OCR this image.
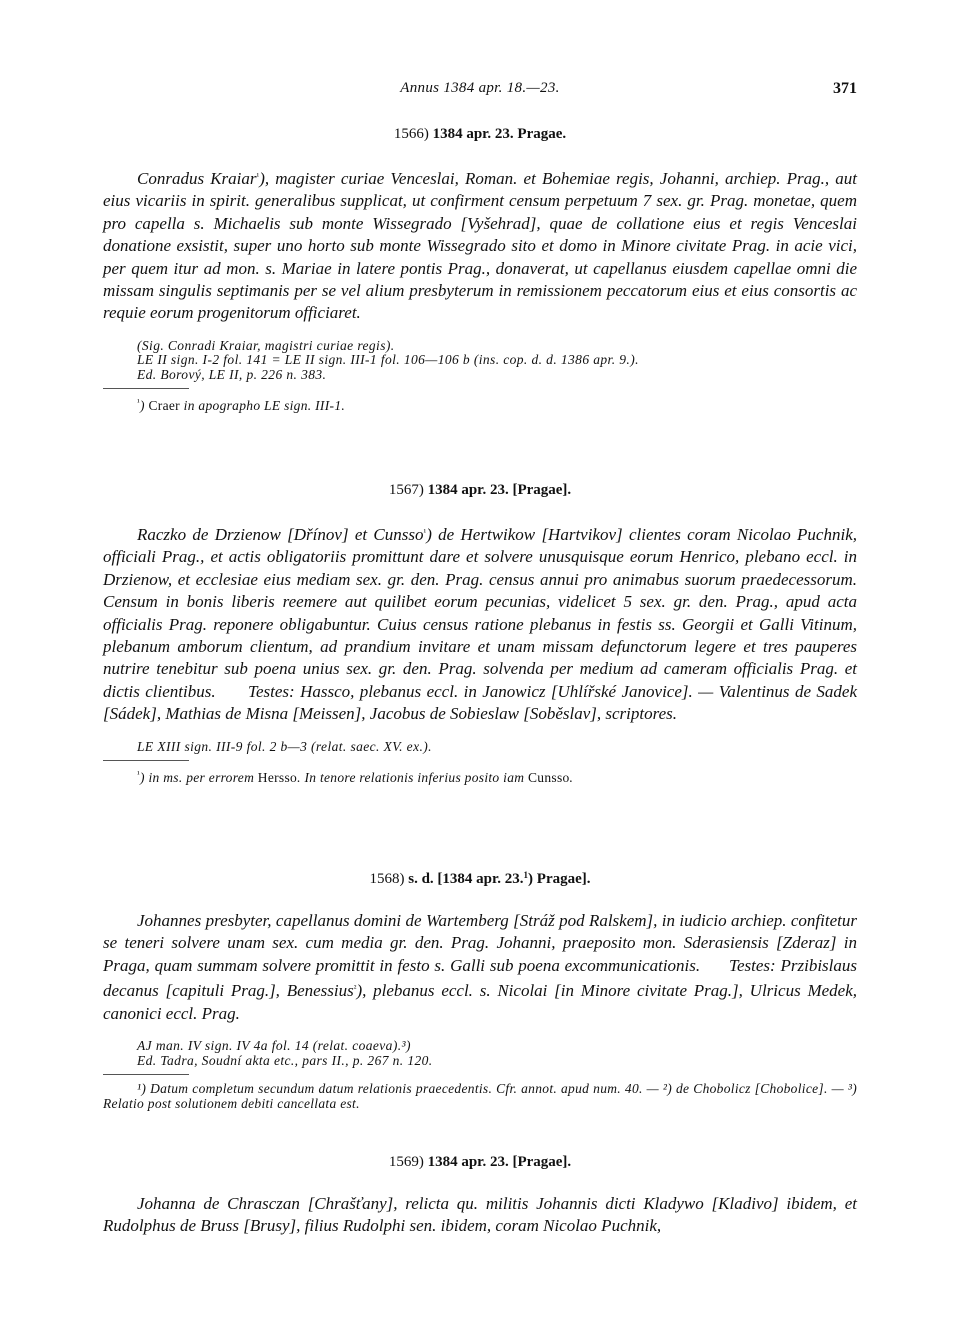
Annus 1384 apr. 18.—23.	371
1566) 1384 apr. 23. Pragae.

Conradus Kraiar$^{^1}$), magister curiae Venceslai, Roman. et Bohemiae regis, Johanni, archiep. Prag., aut eius vicariis in spirit. generalibus supplicat, ut confirment censum perpetuum 7 sex. gr. Prag. monetae, quem pro capella s. Michaelis sub monte Wissegrado [Vyšehrad], quae de collatione eius et regis Venceslai donatione exsistit, super uno horto sub monte Wissegrado sito et domo in Minore civitate Prag. in acie vici, per quem itur ad mon. s. Mariae in latere pontis Prag., donaverat, ut capellanus eiusdem capellae omni die missam singulis septimanis per se vel alium presbyterum in remissionem peccatorum eius et eius consortis ac requie eorum progenitorum officiaret.

(Sig. Conradi Kraiar, magistri curiae regis).
LE II sign. I-2 fol. 141 = LE II sign. III-1 fol. 106—106 b (ins. cop. d. d. 1386 apr. 9.).
Ed. Borový, LE II, p. 226 n. 383.

$^{^1}$) Craer in apographo LE sign. III-1.

1567) 1384 apr. 23. [Pragae].

Raczko de Drzienow [Dřínov] et Cunsso$^{^1}$) de Hertwikow [Hartvikov] clientes coram Nicolao Puchnik, officiali Prag., et actis obligatoriis promittunt dare et solvere unusquisque eorum Henrico, plebano eccl. in Drzienow, et ecclesiae eius mediam sex. gr. den. Prag. census annui pro animabus suorum praedecessorum. Censum in bonis liberis reemere aut quilibet eorum pecunias, videlicet 5 sex. gr. den. Prag., apud acta officialis Prag. reponere obligabuntur. Cuius census ratione plebanus in festis ss. Georgii et Galli Vitinum, plebanum amborum clientum, ad prandium invitare et unam missam defunctorum legere et tres pauperes nutrire tenebitur sub poena unius sex. gr. den. Prag. solvenda per medium ad cameram officialis Prag. et dictis clientibus.      Testes: Hassco, plebanus eccl. in Janowicz [Uhlířské Janovice]. — Valentinus de Sadek [Sádek], Mathias de Misna [Meissen], Jacobus de Sobieslaw [Soběslav], scriptores.

LE XIII sign. III-9 fol. 2 b—3 (relat. saec. XV. ex.).

$^{^1}$) in ms. per errorem Hersso. In tenore relationis inferius posito iam Cunsso.

1568) s. d. [1384 apr. 23.$^1$) Pragae].

Johannes presbyter, capellanus domini de Wartemberg [Stráž pod Ralskem], in iudicio archiep. confitetur se teneri solvere unam sex. cum media gr. den. Prag. Johanni, praeposito mon. Sderasiensis [Zderaz] in Praga, quam summam solvere promittit in festo s. Galli sub poena excommunicationis.      Testes: Przibislaus decanus [capituli Prag.], Benessius$^{^2}$), plebanus eccl. s. Nicolai [in Minore civitate Prag.], Ulricus Medek, canonici eccl. Prag.

AJ man. IV sign. IV 4a fol. 14 (relat. coaeva).³)
Ed. Tadra, Soudní akta etc., pars II., p. 267 n. 120.

¹) Datum completum secundum datum relationis praecedentis. Cfr. annot. apud num. 40. — ²) de Chobolicz [Chobolice]. — ³) Relatio post solutionem debiti cancellata est.

1569) 1384 apr. 23. [Pragae].

Johanna de Chrasczan [Chrašťany], relicta qu. militis Johannis dicti Kladywo [Kladivo] ibidem, et Rudolphus de Bruss [Brusy], filius Rudolphi sen. ibidem, coram Nicolao Puchnik,
